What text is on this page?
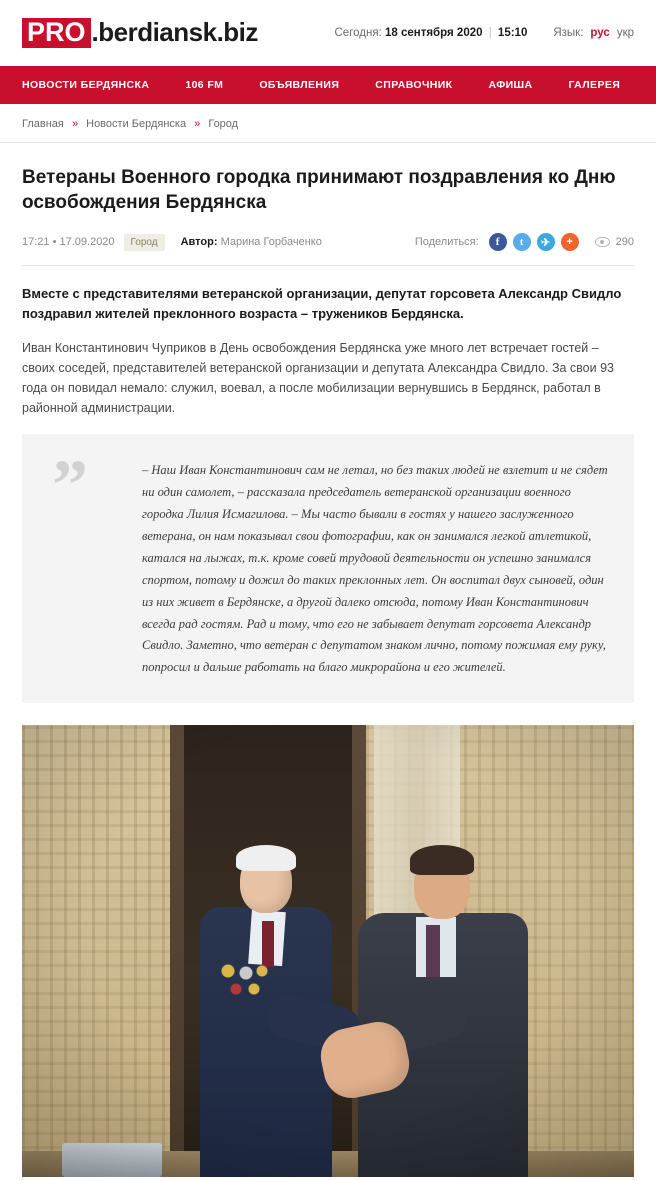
PRO .berdiansk.biz	Сегодня: 18 сентября 2020 | 15:10 Язык: рус укр
НОВОСТИ БЕРДЯНСКА	106 FM	ОБЪЯВЛЕНИЯ	СПРАВОЧНИК	АФИША	ГАЛЕРЕЯ
Главная » Новости Бердянска » Город
Ветераны Военного городка принимают поздравления ко Дню освобождения Бердянска
17:21 • 17.09.2020	Город	Автор: Марина Горбаченко	Поделиться:	f	t	✈	+	290

Вместе с представителями ветеранской организации, депутат горсовета Александр Свидло поздравил жителей преклонного возраста – тружеников Бердянска.

Иван Константинович Чуприков в День освобождения Бердянска уже много лет встречает гостей – своих соседей, представителей ветеранской организации и депутата Александра Свидло. За свои 93 года он повидал немало: служил, воевал, а после мобилизации вернувшись в Бердянск, работал в районной администрации.

”	– Наш Иван Константинович сам не летал, но без таких людей не взлетит и не сядет ни один самолет, – рассказала председатель ветеранской организации военного городка Лилия Исмагилова. – Мы часто бывали в гостях у нашего заслуженного ветерана, он нам показывал свои фотографии, как он занимался легкой атлетикой, катался на лыжах, т.к. кроме совей трудовой деятельности он успешно занимался спортом, потому и дожил до таких преклонных лет. Он воспитал двух сыновей, один из них живет в Бердянске, а другой далеко отсюда, потому Иван Константинович всегда рад гостям. Рад и тому, что его не забывает депутат горсовета Александр Свидло. Заметно, что ветеран с депутатом знаком лично, потому пожимая ему руку, попросил и дальше работать на благо микрорайона и его жителей.
